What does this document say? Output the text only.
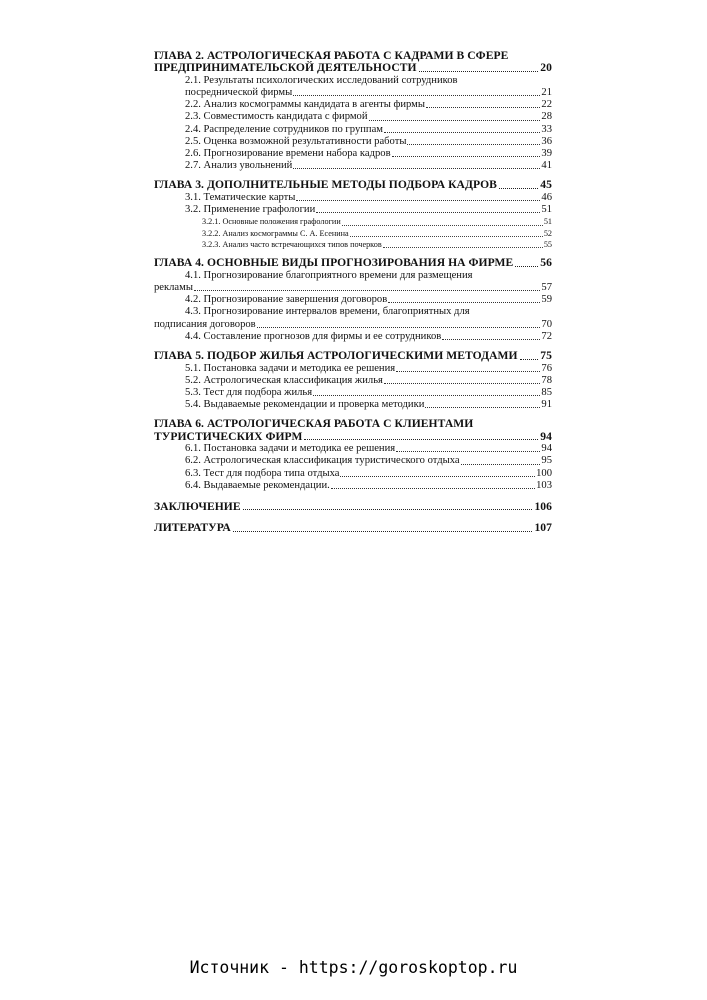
ГЛАВА 2. АСТРОЛОГИЧЕСКАЯ РАБОТА С КАДРАМИ В СФЕРЕ
ПРЕДПРИНИМАТЕЛЬСКОЙ ДЕЯТЕЛЬНОСТИ	20
2.1. Результаты психологических исследований сотрудников
посреднической фирмы	21
2.2. Анализ космограммы кандидата в агенты фирмы	22
2.3. Совместимость кандидата с фирмой	28
2.4. Распределение сотрудников по группам	33
2.5. Оценка возможной результативности работы	36
2.6. Прогнозирование времени набора кадров	39
2.7. Анализ увольнений	41
ГЛАВА 3. ДОПОЛНИТЕЛЬНЫЕ МЕТОДЫ ПОДБОРА КАДРОВ	45
3.1. Тематические карты	46
3.2. Применение графологии	51
3.2.1. Основные положения графологии	51
3.2.2. Анализ космограммы С. А. Есенина	52
3.2.3. Анализ часто встречающихся типов почерков	55
ГЛАВА 4. ОСНОВНЫЕ ВИДЫ ПРОГНОЗИРОВАНИЯ НА ФИРМЕ 56
4.1. Прогнозирование благоприятного времени для размещения
рекламы	57
4.2. Прогнозирование завершения договоров	59
4.3. Прогнозирование интервалов времени, благоприятных для
подписания договоров	70
4.4. Составление прогнозов для фирмы и ее сотрудников	72
ГЛАВА 5. ПОДБОР ЖИЛЬЯ АСТРОЛОГИЧЕСКИМИ МЕТОДАМИ 75
5.1. Постановка задачи и методика ее решения	76
5.2. Астрологическая классификация жилья	78
5.3. Тест для подбора жилья	85
5.4. Выдаваемые рекомендации и проверка методики	91
ГЛАВА 6. АСТРОЛОГИЧЕСКАЯ РАБОТА С КЛИЕНТАМИ
ТУРИСТИЧЕСКИХ ФИРМ	94
6.1. Постановка задачи и методика ее решения	94
6.2. Астрологическая классификация туристического отдыха	95
6.3. Тест для подбора типа отдыха	100
6.4. Выдаваемые рекомендации.	103
ЗАКЛЮЧЕНИЕ	106
ЛИТЕРАТУРА	107
Источник - https://goroskoptop.ru
